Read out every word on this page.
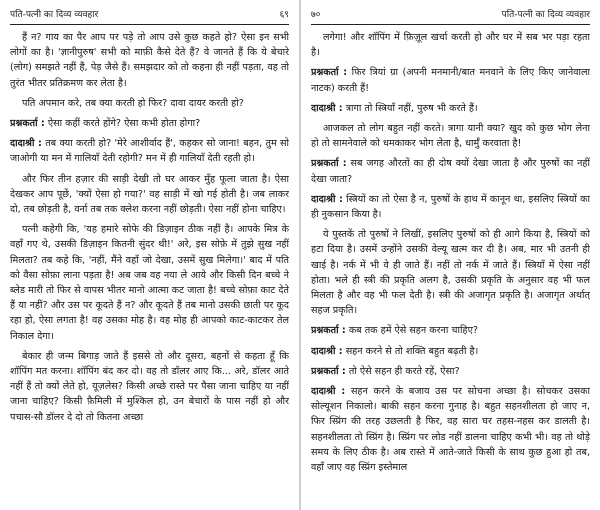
पति-पत्नी का दिव्य व्यवहार	६९

हैं न? गाय का पैर आप पर पड़े तो आप उसे कुछ कहते हो? ऐसा इन सभी लोगों का है। 'ज्ञानीपुरुष' सभी को माफ़ी कैसे देते हैं? वे जानते हैं कि ये बेचारे (लोग) समझते नहीं हैं, पेड़ जैसे हैं। समझदार को तो कहना ही नहीं पड़ता, वह तो तुरंत भीतर प्रतिक्रमण कर लेता है।

पति अपमान करे, तब क्या करती हो फिर? दावा दायर करती हो?

प्रश्नकर्ता : ऐसा कहीं करते होंगे? ऐसा कभी होता होगा?

दादाश्री : तब क्या करती हो? 'मेरे आशीर्वाद हैं', कहकर सो जाना! बहन, तुम सो जाओगी या मन में गालियाँ देती रहोगी? मन में ही गालियाँ देती रहती हो।

और फिर तीन हज़ार की साड़ी देखी तो घर आकर मुँह फूला जाता है। ऐसा देखकर आप पूछें, 'क्यों ऐसा हो गया?' वह साड़ी में खो गई होती है। जब लाकर दो, तब छोड़ती है, वर्ना तब तक क्लेश करना नहीं छोड़ती। ऐसा नहीं होना चाहिए।

पत्नी कहेगी कि, 'यह हमारे सोफे की डिज़ाइन ठीक नहीं है। आपके मित्र के वहाँ गए थे, उसकी डिज़ाइन कितनी सुंदर थी!' अरे, इस सोफ़े में तुझे सुख नहीं मिलता? तब कहे कि, 'नहीं, मैंने वहाँ जो देखा, उसमें सुख मिलेगा।' बाद में पति को वैसा सोफ़ा लाना पड़ता है! अब जब वह नया ले आये और किसी दिन बच्चे ने ब्लेड मारी तो फिर से वापस भीतर मानो आत्मा कट जाता है! बच्चे सोफ़ा काट देते हैं या नहीं? और उस पर कूदते हैं न? और कूदते हैं तब मानो उसकी छाती पर कूद रहा हो, ऐसा लगता है! वह उसका मोह है। वह मोह ही आपको काट-काटकर तेल निकाल देगा।

बेकार ही जन्म बिगाड़ जाते हैं इससे तो और दूसरा, बहनों से कहता हूँ कि शॉपिंग मत करना। शॉपिंग बंद कर दो। वह तो डॉलर आए कि... अरे, डॉलर आते नहीं हैं तो क्यों लेते हो, यूज़लेस? किसी अच्छे रास्ते पर पैसा जाना चाहिए या नहीं जाना चाहिए? किसी फ़ैमिली में मुश्किल हो, उन बेचारों के पास नहीं हो और पचास-सौ डॉलर दे दो तो कितना अच्छा

७०	पति-पत्नी का दिव्य व्यवहार

लगेगा! और शॉपिंग में फ़िज़ूल खर्चा करती हो और घर में सब भर पड़ा रहता है।

प्रश्नकर्ता : फिर त्रियां ग्रा (अपनी मनमानी/बात मनवाने के लिए किए जानेवाला नाटक) करती हैं!

दादाश्री : त्रागा तो स्त्रियाँ नहीं, पुरुष भी करते हैं।

आजकल तो लोग बहुत नहीं करते। त्रागा यानी क्या? खुद को कुछ भोग लेना हो तो सामनेवाले को धमकाकर भोग लेता है, धार्मुँ करवाता है!

प्रश्नकर्ता : सब जगह औरतों का ही दोष क्यों देखा जाता है और पुरुषों का नहीं देखा जाता?

दादाश्री : स्त्रियों का तो ऐसा है न, पुरुषों के हाथ में कानून था, इसलिए स्त्रियों का ही नुकसान किया है।

ये पुस्तकें तो पुरुषों ने लिखीं, इसलिए पुरुषों को ही आगे किया है, स्त्रियों को हटा दिया है। उसमें उन्होंने उसकी वेल्यू खत्म कर दी है। अब, मार भी उतनी ही खाई है। नर्क में भी वे ही जाते हैं। नहीं तो नर्क में जाते हैं। स्त्रियाँ में ऐसा नहीं होता। भले ही स्त्री की प्रकृति अलग है, उसकी प्रकृति के अनुसार वह भी फल मिलता है और वह भी फल देती है। स्त्री की अजागृत प्रकृति है। अजागृत अर्थात् सहज प्रकृति।

प्रश्नकर्ता : कब तक हमें ऐसे सहन करना चाहिए?

दादाश्री : सहन करने से तो शक्ति बहुत बढ़ती है।

प्रश्नकर्ता : तो ऐसे सहन ही करते रहें, ऐसा?

दादाश्री : सहन करने के बजाय उस पर सोचना अच्छा है। सोचकर उसका सोल्यूशन निकालो। बाकी सहन करना गुनाह है। बहुत सहनशीलता हो जाए न, फिर स्प्रिंग की तरह उछलती है फिर, वह सारा घर तहस-नहस कर डालती है। सहनशीलता तो स्प्रिंग है। स्प्रिंग पर लोड नहीं डालना चाहिए कभी भी। वह तो थोड़े समय के लिए ठीक है। अब रास्ते में आते-जाते किसी के साथ कुछ हुआ हो तब, वहाँ जाए वह स्प्रिंग इस्तेमाल
